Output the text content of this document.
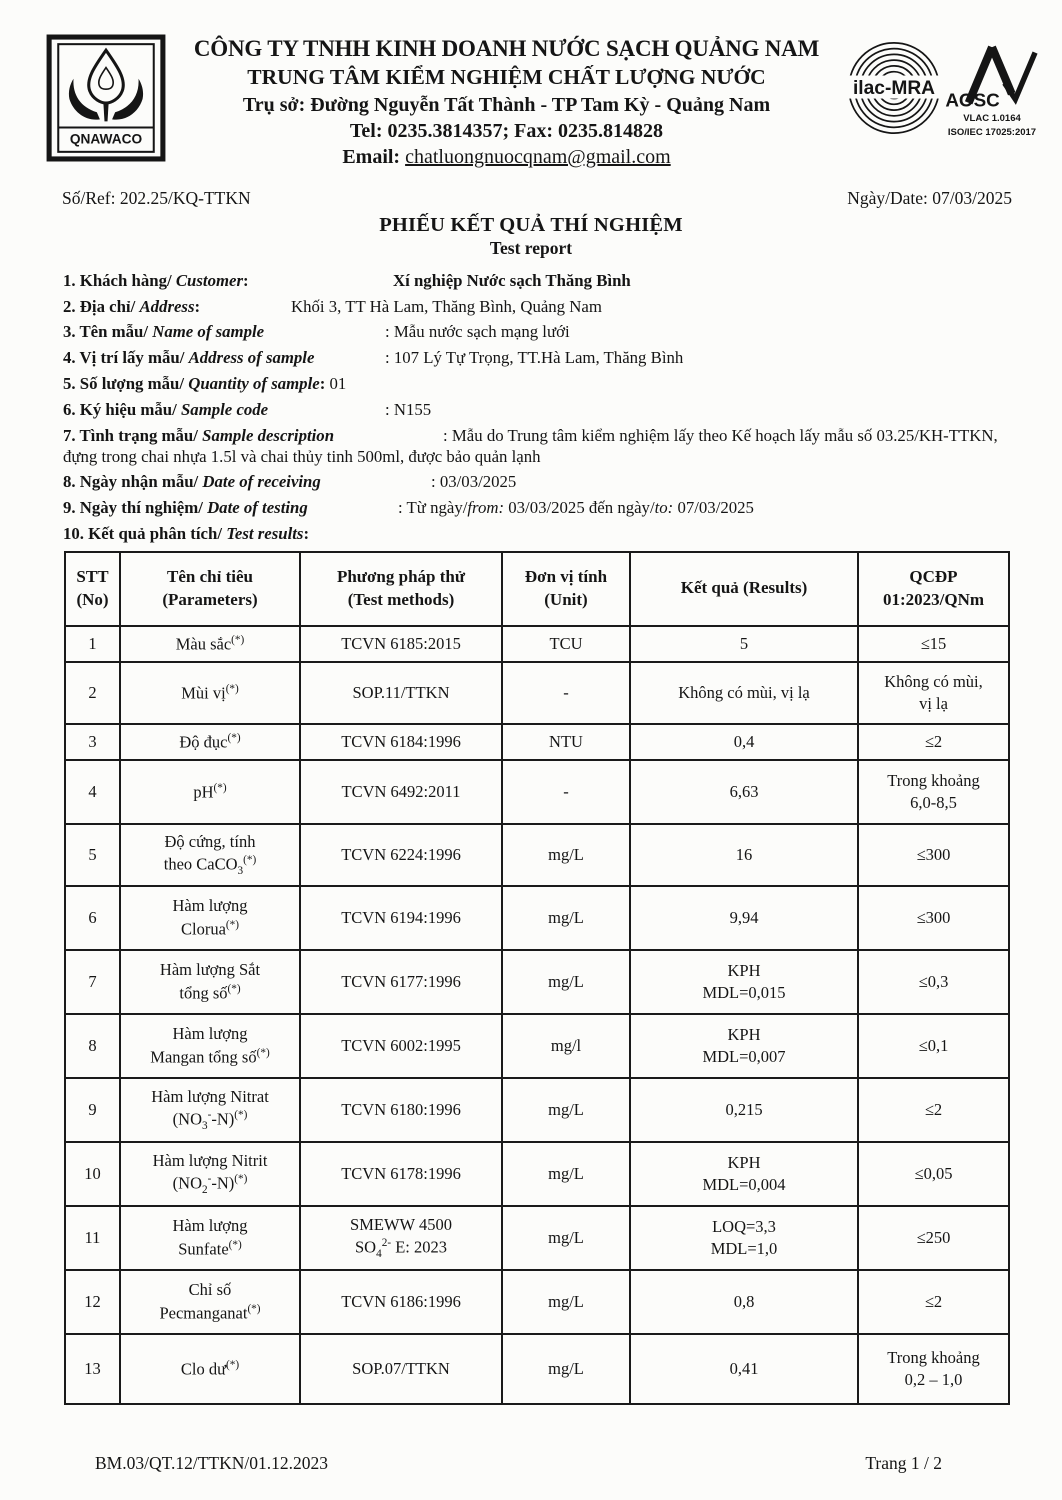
QNAWACO
CÔNG TY TNHH KINH DOANH NƯỚC SẠCH QUẢNG NAM
TRUNG TÂM KIỂM NGHIỆM CHẤT LƯỢNG NƯỚC
Trụ sở: Đường Nguyễn Tất Thành - TP Tam Kỳ - Quảng Nam
Tel: 0235.3814357; Fax: 0235.814828
Email: chatluongnuocqnam@gmail.com
ilac-MRA
AOSC
VLAC 1.0164
ISO/IEC 17025:2017
Số/Ref: 202.25/KQ-TTKN	Ngày/Date: 07/03/2025
PHIẾU KẾT QUẢ THÍ NGHIỆM
Test report
1. Khách hàng/ Customer:	Xí nghiệp Nước sạch Thăng Bình
2. Địa chỉ/ Address:	Khối 3, TT Hà Lam, Thăng Bình, Quảng Nam
3. Tên mẫu/ Name of sample	: Mẫu nước sạch mạng lưới
4. Vị trí lấy mẫu/ Address of sample	: 107 Lý Tự Trọng, TT.Hà Lam, Thăng Bình
5. Số lượng mẫu/ Quantity of sample: 01
6. Ký hiệu mẫu/ Sample code	: N155
7. Tình trạng mẫu/ Sample description	: Mẫu do Trung tâm kiểm nghiệm lấy theo Kế hoạch lấy mẫu số 03.25/KH-TTKN, đựng trong chai nhựa 1.5l và chai thủy tinh 500ml, được bảo quản lạnh
8. Ngày nhận mẫu/ Date of receiving	: 03/03/2025
9. Ngày thí nghiệm/ Date of testing	: Từ ngày/from: 03/03/2025 đến ngày/to: 07/03/2025
10. Kết quả phân tích/ Test results:
STT
(No)	Tên chỉ tiêu
(Parameters)	Phương pháp thử
(Test methods)	Đơn vị tính
(Unit)	Kết quả (Results)	QCĐP
01:2023/QNm
1	Màu sắc(*)	TCVN 6185:2015	TCU	5	≤15
2	Mùi vị(*)	SOP.11/TTKN	-	Không có mùi, vị lạ	Không có mùi,
vị lạ
3	Độ đục(*)	TCVN 6184:1996	NTU	0,4	≤2
4	pH(*)	TCVN 6492:2011	-	6,63	Trong khoảng
6,0-8,5
5	Độ cứng, tính
theo CaCO$_3$(*)	TCVN 6224:1996	mg/L	16	≤300
6	Hàm lượng
Clorua(*)	TCVN 6194:1996	mg/L	9,94	≤300
7	Hàm lượng Sắt
tổng số(*)	TCVN 6177:1996	mg/L	KPH
MDL=0,015	≤0,3
8	Hàm lượng
Mangan tổng số(*)	TCVN 6002:1995	mg/l	KPH
MDL=0,007	≤0,1
9	Hàm lượng Nitrat
$(NO_3^--N)^{(*)}$	TCVN 6180:1996	mg/L	0,215	≤2
10	Hàm lượng Nitrit
$(NO_2^--N)^{(*)}$	TCVN 6178:1996	mg/L	KPH
MDL=0,004	≤0,05
11	Hàm lượng
Sunfate(*)	SMEWW 4500
$SO_4^{2-}$ E: 2023	mg/L	LOQ=3,3
MDL=1,0	≤250
12	Chỉ số
Pecmanganat(*)	TCVN 6186:1996	mg/L	0,8	≤2
13	Clo dư(*)	SOP.07/TTKN	mg/L	0,41	Trong khoảng
0,2 – 1,0
BM.03/QT.12/TTKN/01.12.2023	Trang 1 / 2
